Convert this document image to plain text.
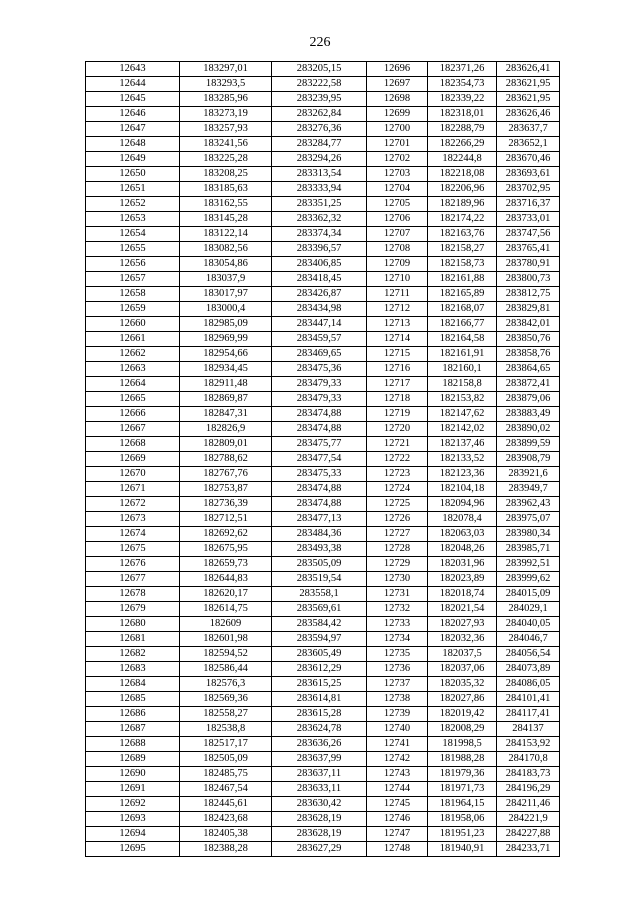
226
12643	183297,01	283205,15	12696	182371,26	283626,41
12644	183293,5	283222,58	12697	182354,73	283621,95
12645	183285,96	283239,95	12698	182339,22	283621,95
12646	183273,19	283262,84	12699	182318,01	283626,46
12647	183257,93	283276,36	12700	182288,79	283637,7
12648	183241,56	283284,77	12701	182266,29	283652,1
12649	183225,28	283294,26	12702	182244,8	283670,46
12650	183208,25	283313,54	12703	182218,08	283693,61
12651	183185,63	283333,94	12704	182206,96	283702,95
12652	183162,55	283351,25	12705	182189,96	283716,37
12653	183145,28	283362,32	12706	182174,22	283733,01
12654	183122,14	283374,34	12707	182163,76	283747,56
12655	183082,56	283396,57	12708	182158,27	283765,41
12656	183054,86	283406,85	12709	182158,73	283780,91
12657	183037,9	283418,45	12710	182161,88	283800,73
12658	183017,97	283426,87	12711	182165,89	283812,75
12659	183000,4	283434,98	12712	182168,07	283829,81
12660	182985,09	283447,14	12713	182166,77	283842,01
12661	182969,99	283459,57	12714	182164,58	283850,76
12662	182954,66	283469,65	12715	182161,91	283858,76
12663	182934,45	283475,36	12716	182160,1	283864,65
12664	182911,48	283479,33	12717	182158,8	283872,41
12665	182869,87	283479,33	12718	182153,82	283879,06
12666	182847,31	283474,88	12719	182147,62	283883,49
12667	182826,9	283474,88	12720	182142,02	283890,02
12668	182809,01	283475,77	12721	182137,46	283899,59
12669	182788,62	283477,54	12722	182133,52	283908,79
12670	182767,76	283475,33	12723	182123,36	283921,6
12671	182753,87	283474,88	12724	182104,18	283949,7
12672	182736,39	283474,88	12725	182094,96	283962,43
12673	182712,51	283477,13	12726	182078,4	283975,07
12674	182692,62	283484,36	12727	182063,03	283980,34
12675	182675,95	283493,38	12728	182048,26	283985,71
12676	182659,73	283505,09	12729	182031,96	283992,51
12677	182644,83	283519,54	12730	182023,89	283999,62
12678	182620,17	283558,1	12731	182018,74	284015,09
12679	182614,75	283569,61	12732	182021,54	284029,1
12680	182609	283584,42	12733	182027,93	284040,05
12681	182601,98	283594,97	12734	182032,36	284046,7
12682	182594,52	283605,49	12735	182037,5	284056,54
12683	182586,44	283612,29	12736	182037,06	284073,89
12684	182576,3	283615,25	12737	182035,32	284086,05
12685	182569,36	283614,81	12738	182027,86	284101,41
12686	182558,27	283615,28	12739	182019,42	284117,41
12687	182538,8	283624,78	12740	182008,29	284137
12688	182517,17	283636,26	12741	181998,5	284153,92
12689	182505,09	283637,99	12742	181988,28	284170,8
12690	182485,75	283637,11	12743	181979,36	284183,73
12691	182467,54	283633,11	12744	181971,73	284196,29
12692	182445,61	283630,42	12745	181964,15	284211,46
12693	182423,68	283628,19	12746	181958,06	284221,9
12694	182405,38	283628,19	12747	181951,23	284227,88
12695	182388,28	283627,29	12748	181940,91	284233,71
